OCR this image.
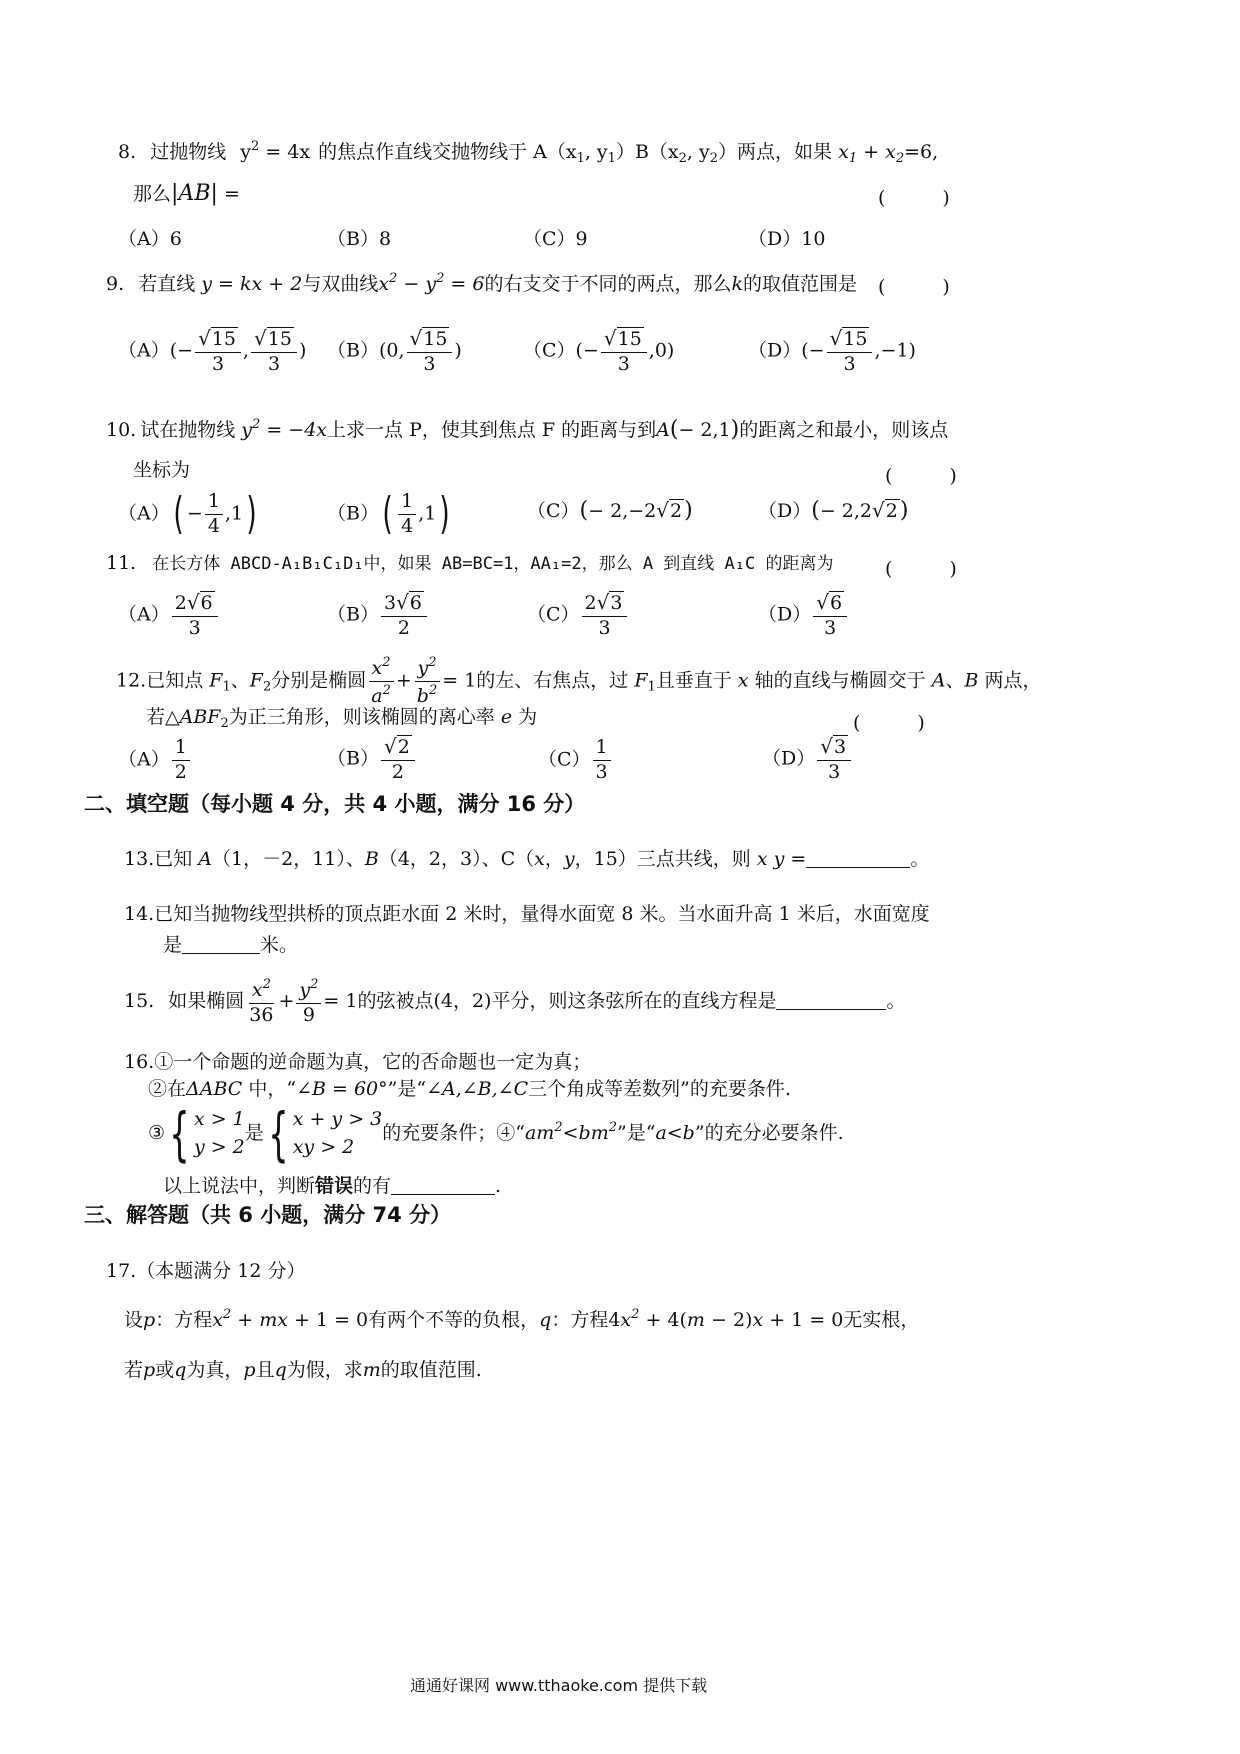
8. 过抛物线 $y^2 = 4x$ 的焦点作直线交抛物线于 $A(x_1$, $y_1)B(x_2$, $y_2$）两点，如果 $x_1 + x_2=6$,
那么|AB| =	(　　　)
（A）6	（B）8	（C）9	（D）10
9. 若直线 y = kx + 2与双曲线$x^2 - y^2 = 6$的右支交于不同的两点，那么k的取值范围是 (　　　)
$(A)(- \frac{√15}{3}$ , $\frac{√15}{3}$ ) （B）(0, $\frac{√15}{3}$ )	$(C)(- \frac{√15}{3} ,0)$	$(D)(- \frac{√15}{3} ,-1)$
10. 试在抛物线 $y^2 = -4x$上求一点 P，使其到焦点 F 的距离与到A(− 2,1)的距离之和最小，则该点
坐标为	(　　　)
$(A)( - \frac{1}{4} ,1)$	$(B)( \frac{1}{4} ,1)$	（C）(− 2,−2√2)	（D）(− 2,2√2)
11. 在长方体 ABCD-A₁B₁C₁D₁中，如果 AB=BC=1，AA₁=2，那么 A 到直线 A₁C 的距离为	(　　　)
$(A) \frac{2√6}{3}$	$(B) \frac{3√6}{2}$	$(C) \frac{2√3}{3}$	$(D) \frac{√6}{3}$
12.已知点 $F_1$、$F_2$分别是椭圆 $\frac{x^2}{a^2} + \frac{y^2}{b^2} = 1$的左、右焦点，过 $F_1$且垂直于 x 轴的直线与椭圆交于 A、B 两点，
若$\triangle ABF_2$为正三角形，则该椭圆的离心率 e 为	(　　　)
$(A) \frac{1}{2}$	$(B) \frac{√2}{2}$	$(C) \frac{1}{3}$	$(D) \frac{√3}{3}$
二、填空题（每小题 4 分，共 4 小题，满分 16 分）
13.已知 A（1，－2，11）、B（4，2，3）、C（x，y，15）三点共线，则 x y =	。
14.已知当抛物线型拱桥的顶点距水面 2 米时，量得水面宽 8 米。当水面升高 1 米后，水面宽度
是	米。
15. 如果椭圆 $\frac{x^2}{36} + \frac{y^2}{9} = 1$的弦被点(4，2)平分，则这条弦所在的直线方程是	。
16.①一个命题的逆命题为真，它的否命题也一定为真；
②在ΔABC 中，“∠B = 60°”是“∠A,∠B,∠C三个角成等差数列”的充要条件.
③{ x > 1
y > 2
是{ x + y > 3
xy > 2
的充要条件；$④“am^2<bm^2$”是“a<b”的充分必要条件.
以上说法中，判断错误的有	.
三、解答题（共 6 小题，满分 74 分）
17.（本题满分 12 分）
设p：方程$x^2$ + mx + 1 = 0有两个不等的负根，q：方程$4x^2 + 4(m - 2)x + 1 = 0$无实根，
若p或q为真，p且q为假，求m的取值范围.
通通好课网 www.tthaoke.com 提供下载
